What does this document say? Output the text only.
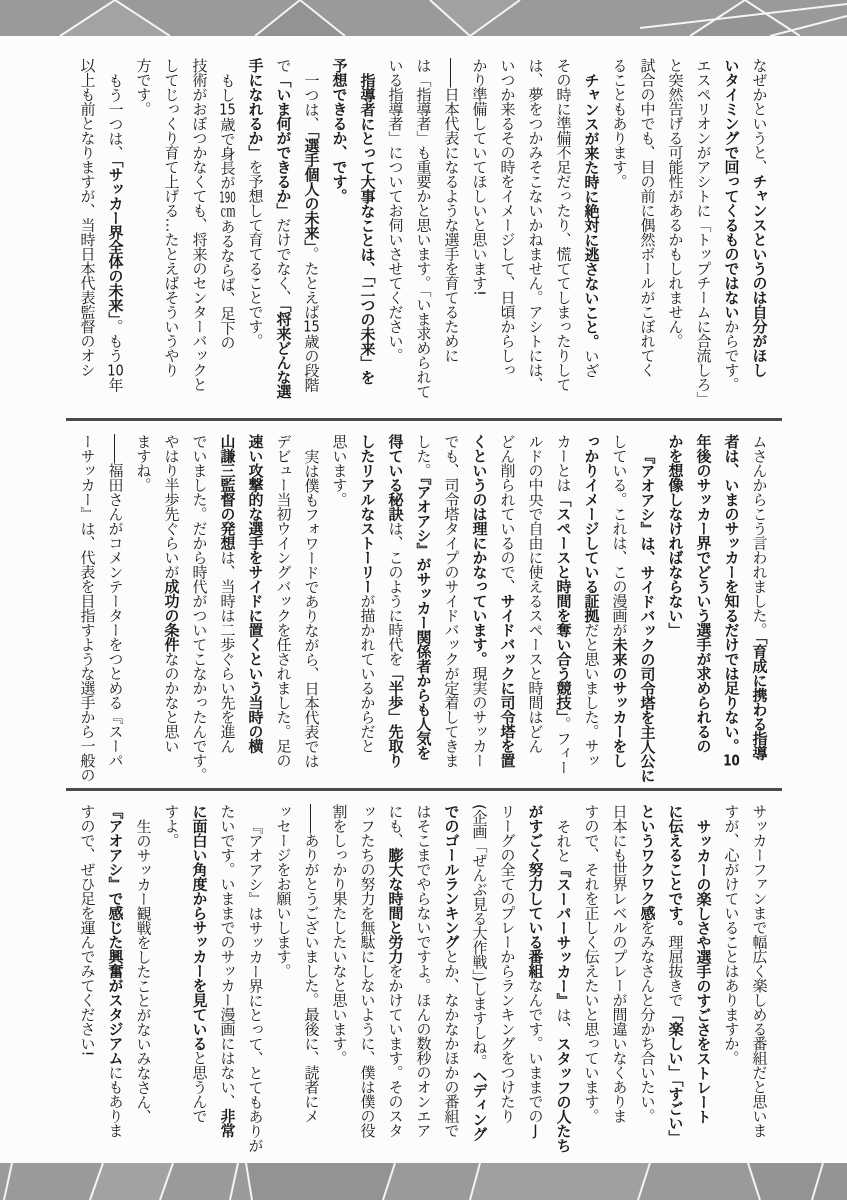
なぜかというと、チャンスというのは自分がほし
いタイミングで回ってくるものではないからです。
エスペリオンがアシトに「トップチームに合流しろ」
と突然告げる可能性があるかもしれません。
試合の中でも、目の前に偶然ボールがこぼれてく
ることもあります。
チャンスが来た時に絶対に逃さないこと。いざ
その時に準備不足だったり、慌ててしまったりして
は、夢をつかみそこないかねません。アシトには、
いつか来るその時をイメージして、日頃からしっ
かり準備していてほしいと思います!
――日本代表になるような選手を育てるために
は「指導者」も重要かと思います。「いま求められて
いる指導者」についてお伺いさせてください。
指導者にとって大事なことは、「二つの未来」を
予想できるか、です。
一つは、「選手個人の未来」。たとえば15歳の段階
で「いま何ができるか」だけでなく、「将来どんな選
手になれるか」を予想して育てることです。
もし15歳で身長が190㎝あるならば、足下の
技術がおぼつかなくても、将来のセンターバックと
してじっくり育て上げる…たとえばそういうやり
方です。
もう一つは、「サッカー界全体の未来」。もう10年
以上も前となりますが、当時日本代表監督のオシ
ムさんからこう言われました。「育成に携わる指導
者は、いまのサッカーを知るだけでは足りない。10
年後のサッカー界でどういう選手が求められるの
かを想像しなければならない」
『アオアシ』は、サイドバックの司令塔を主人公に
している。これは、この漫画が未来のサッカーをし
っかりイメージしている証拠だと思いました。サッ
カーとは「スペースと時間を奪い合う競技」。フィー
ルドの中央で自由に使えるスペースと時間はどん
どん削られているので、サイドバックに司令塔を置
くというのは理にかなっています。現実のサッカー
でも、司令塔タイプのサイドバックが定着してきま
した。『アオアシ』がサッカー関係者からも人気を
得ている秘訣は、このように時代を「半歩」先取り
したリアルなストーリーが描かれているからだと
思います。
実は僕もフォワードでありながら、日本代表では
デビュー当初ウイングバックを任されました。足の
速い攻撃的な選手をサイドに置くという当時の横
山謙三監督の発想は、当時は二歩ぐらい先を進ん
でいました。だから時代がついてこなかったんです。
やはり半歩先ぐらいが成功の条件なのかなと思い
ますね。
――福田さんがコメンテーターをつとめる『スーパ
ーサッカー』は、代表を目指すような選手から一般の
サッカーファンまで幅広く楽しめる番組だと思いま
すが、心がけていることはありますか。
サッカーの楽しさや選手のすごさをストレート
に伝えることです。理屈抜きで「楽しい」「すごい」
というワクワク感をみなさんと分かち合いたい。
日本にも世界レベルのプレーが間違いなくありま
すので、それを正しく伝えたいと思っています。
それと『スーパーサッカー』は、スタッフの人たち
がすごく努力している番組なんです。いままでのJ
リーグの全てのプレーからランキングをつけたり
(企画「ぜんぶ見る大作戦」)しますしね。ヘディング
でのゴールランキングとか、なかなかほかの番組で
はそこまでやらないですよ。ほんの数秒のオンエア
にも、膨大な時間と労力をかけています。そのスタ
ッフたちの努力を無駄にしないように、僕は僕の役
割をしっかり果たしたいなと思います。
――ありがとうございました。最後に、読者にメ
ッセージをお願いします。
『アオアシ』はサッカー界にとって、とてもありが
たいです。いままでのサッカー漫画にはない、非常
に面白い角度からサッカーを見ていると思うんで
すよ。
生のサッカー観戦をしたことがないみなさん、
『アオアシ』で感じた興奮がスタジアムにもありま
すので、ぜひ足を運んでみてください!
